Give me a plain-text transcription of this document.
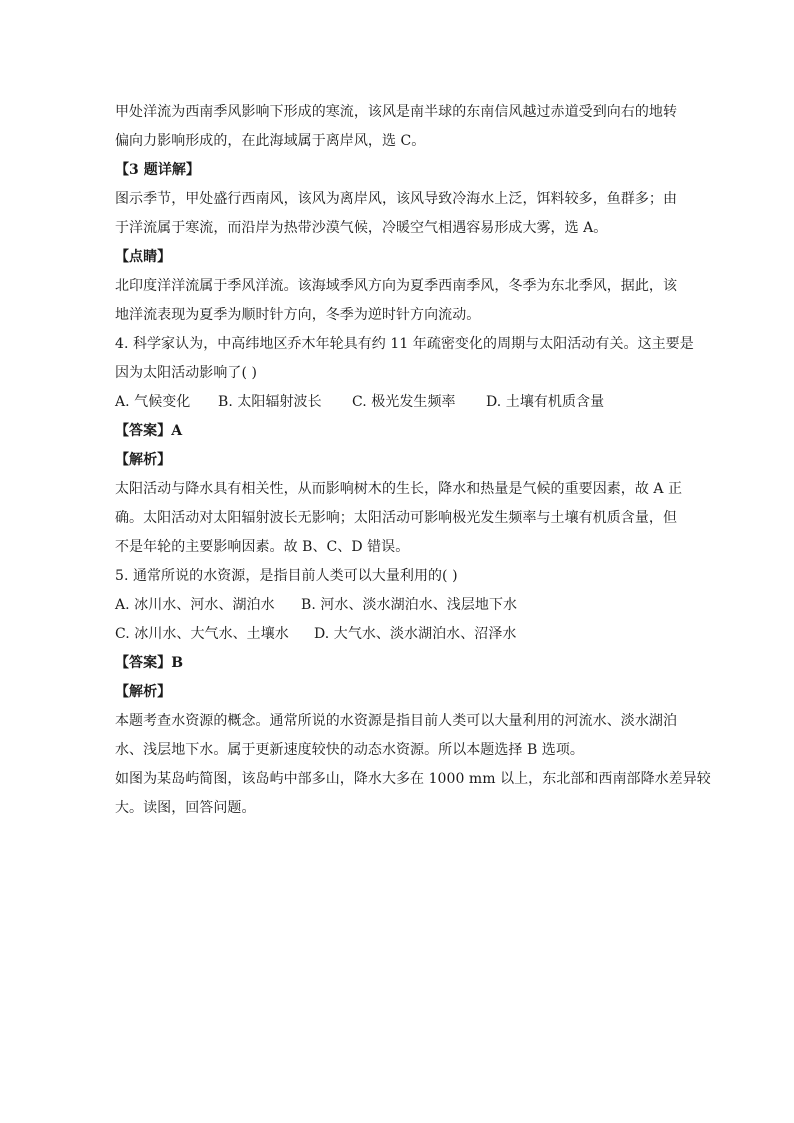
甲处洋流为西南季风影响下形成的寒流，该风是南半球的东南信风越过赤道受到向右的地转
偏向力影响形成的，在此海域属于离岸风，选 C。
【3 题详解】
图示季节，甲处盛行西南风，该风为离岸风，该风导致冷海水上泛，饵料较多，鱼群多；由
于洋流属于寒流，而沿岸为热带沙漠气候，冷暖空气相遇容易形成大雾，选 A。
【点睛】
北印度洋洋流属于季风洋流。该海域季风方向为夏季西南季风，冬季为东北季风，据此，该
地洋流表现为夏季为顺时针方向，冬季为逆时针方向流动。
4. 科学家认为，中高纬地区乔木年轮具有约 11 年疏密变化的周期与太阳活动有关。这主要是
因为太阳活动影响了( )
A. 气候变化	B. 太阳辐射波长	C. 极光发生频率	D. 土壤有机质含量
【答案】A
【解析】
太阳活动与降水具有相关性，从而影响树木的生长，降水和热量是气候的重要因素，故 A 正
确。太阳活动对太阳辐射波长无影响；太阳活动可影响极光发生频率与土壤有机质含量，但
不是年轮的主要影响因素。故 B、C、D 错误。
5. 通常所说的水资源，是指目前人类可以大量利用的( )
A. 冰川水、河水、湖泊水	B. 河水、淡水湖泊水、浅层地下水
C. 冰川水、大气水、土壤水	D. 大气水、淡水湖泊水、沼泽水
【答案】B
【解析】
本题考查水资源的概念。通常所说的水资源是指目前人类可以大量利用的河流水、淡水湖泊
水、浅层地下水。属于更新速度较快的动态水资源。所以本题选择 B 选项。
如图为某岛屿简图，该岛屿中部多山，降水大多在 1000 mm 以上，东北部和西南部降水差异较
大。读图，回答问题。
